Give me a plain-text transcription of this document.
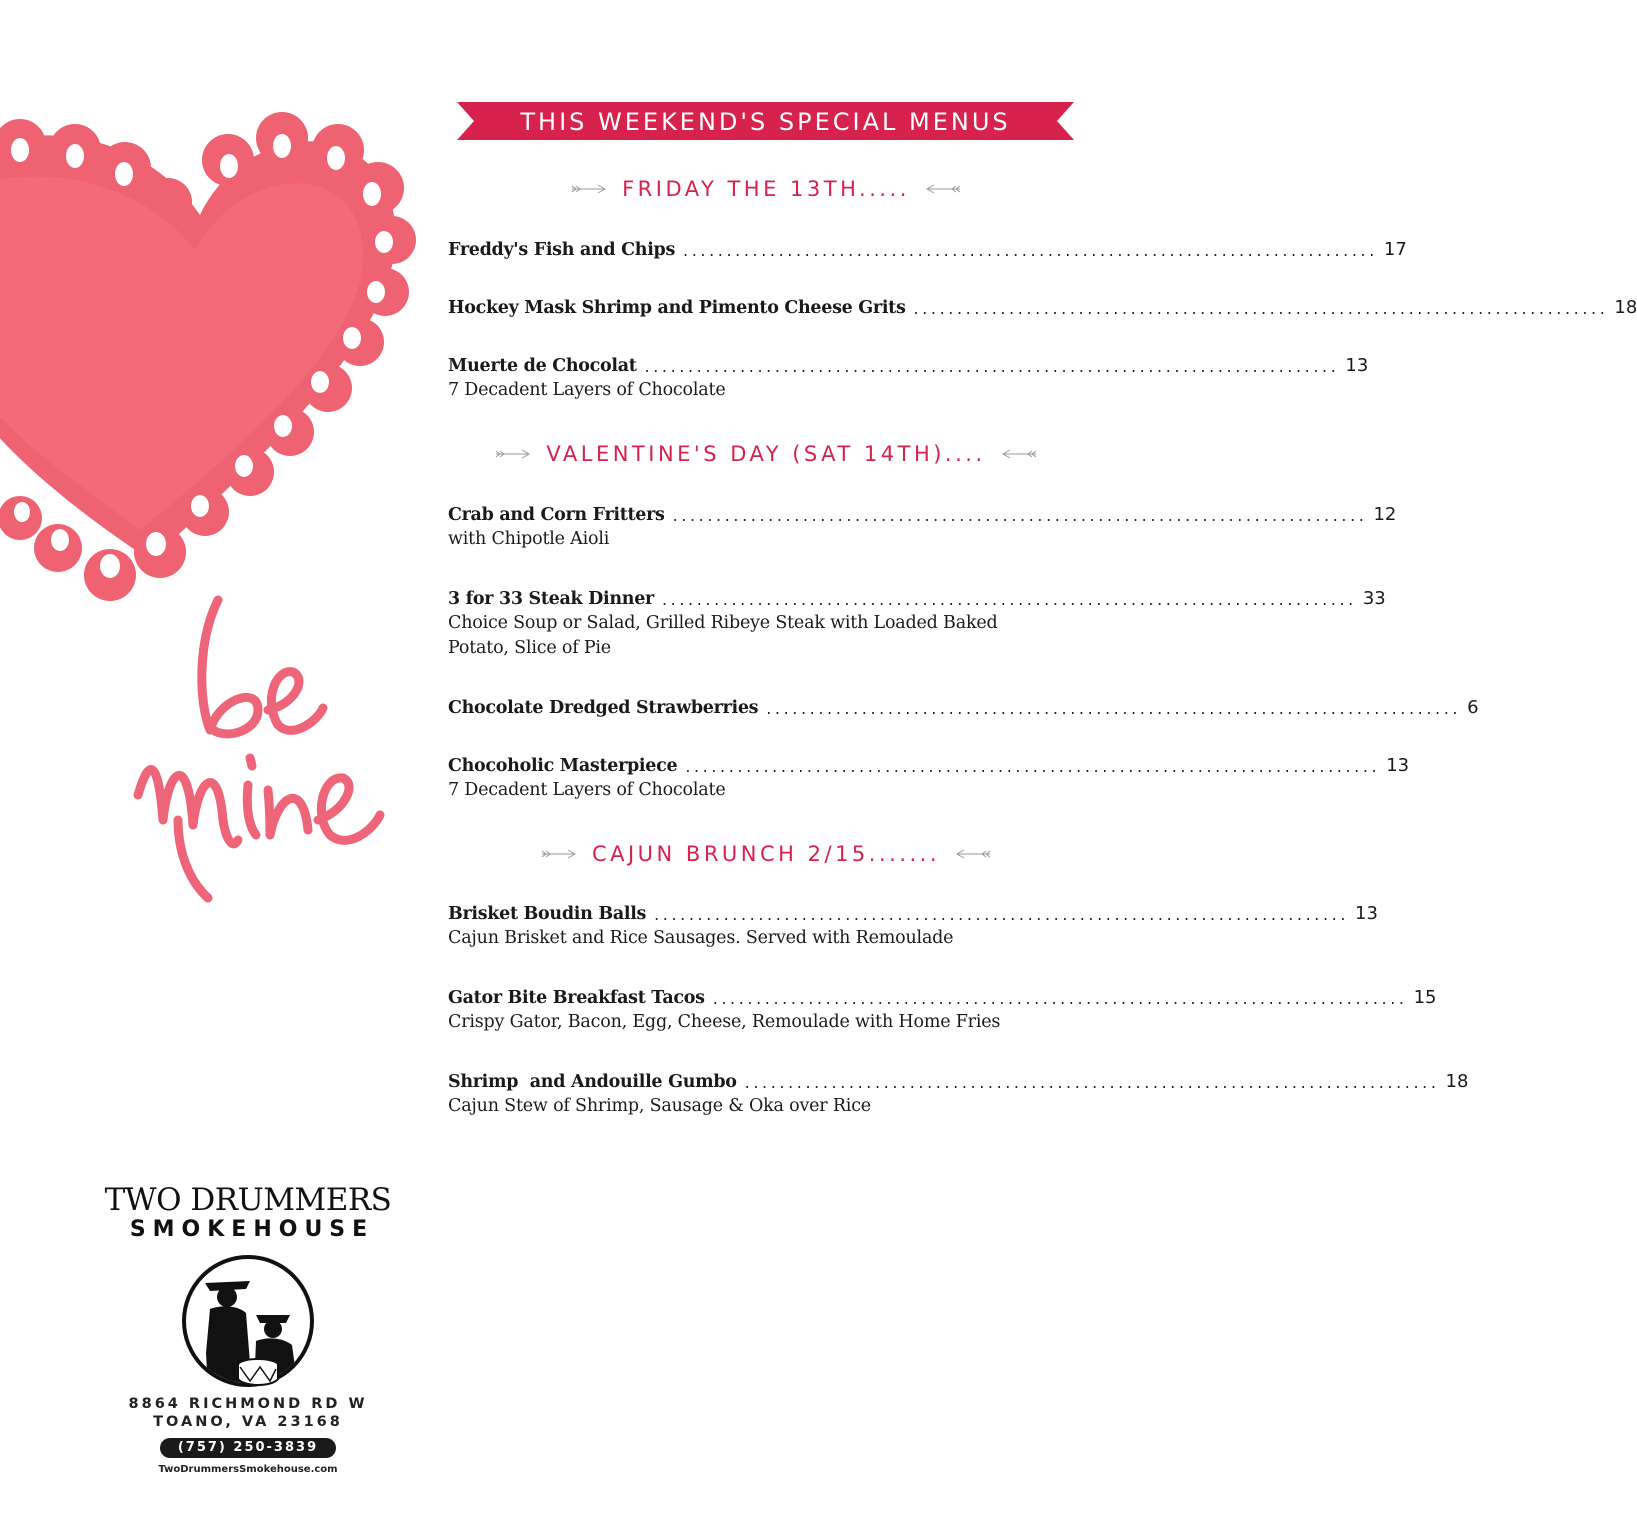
THIS WEEKEND'S SPECIAL MENUS
FRIDAY THE 13TH.....
VALENTINE'S DAY (SAT 14TH)....
CAJUN BRUNCH 2/15.......
Freddy's Fish and Chips ................................................................................ 17
Hockey Mask Shrimp and Pimento Cheese Grits ................................................................................ 18
Muerte de Chocolat ................................................................................ 13
7 Decadent Layers of Chocolate
Crab and Corn Fritters ................................................................................ 12
with Chipotle Aioli
3 for 33 Steak Dinner ................................................................................ 33
Choice Soup or Salad, Grilled Ribeye Steak with Loaded Baked Potato, Slice of Pie
Chocolate Dredged Strawberries ................................................................................ 6
Chocoholic Masterpiece ................................................................................ 13
7 Decadent Layers of Chocolate
Brisket Boudin Balls ................................................................................ 13
Cajun Brisket and Rice Sausages. Served with Remoulade
Gator Bite Breakfast Tacos ................................................................................ 15
Crispy Gator, Bacon, Egg, Cheese, Remoulade with Home Fries
Shrimp  and Andouille Gumbo ................................................................................ 18
Cajun Stew of Shrimp, Sausage & Oka over Rice
TWO DRUMMERS
SMOKEHOUSE
8864 RICHMOND RD W
TOANO, VA 23168
(757) 250-3839
TwoDrummersSmokehouse.com
